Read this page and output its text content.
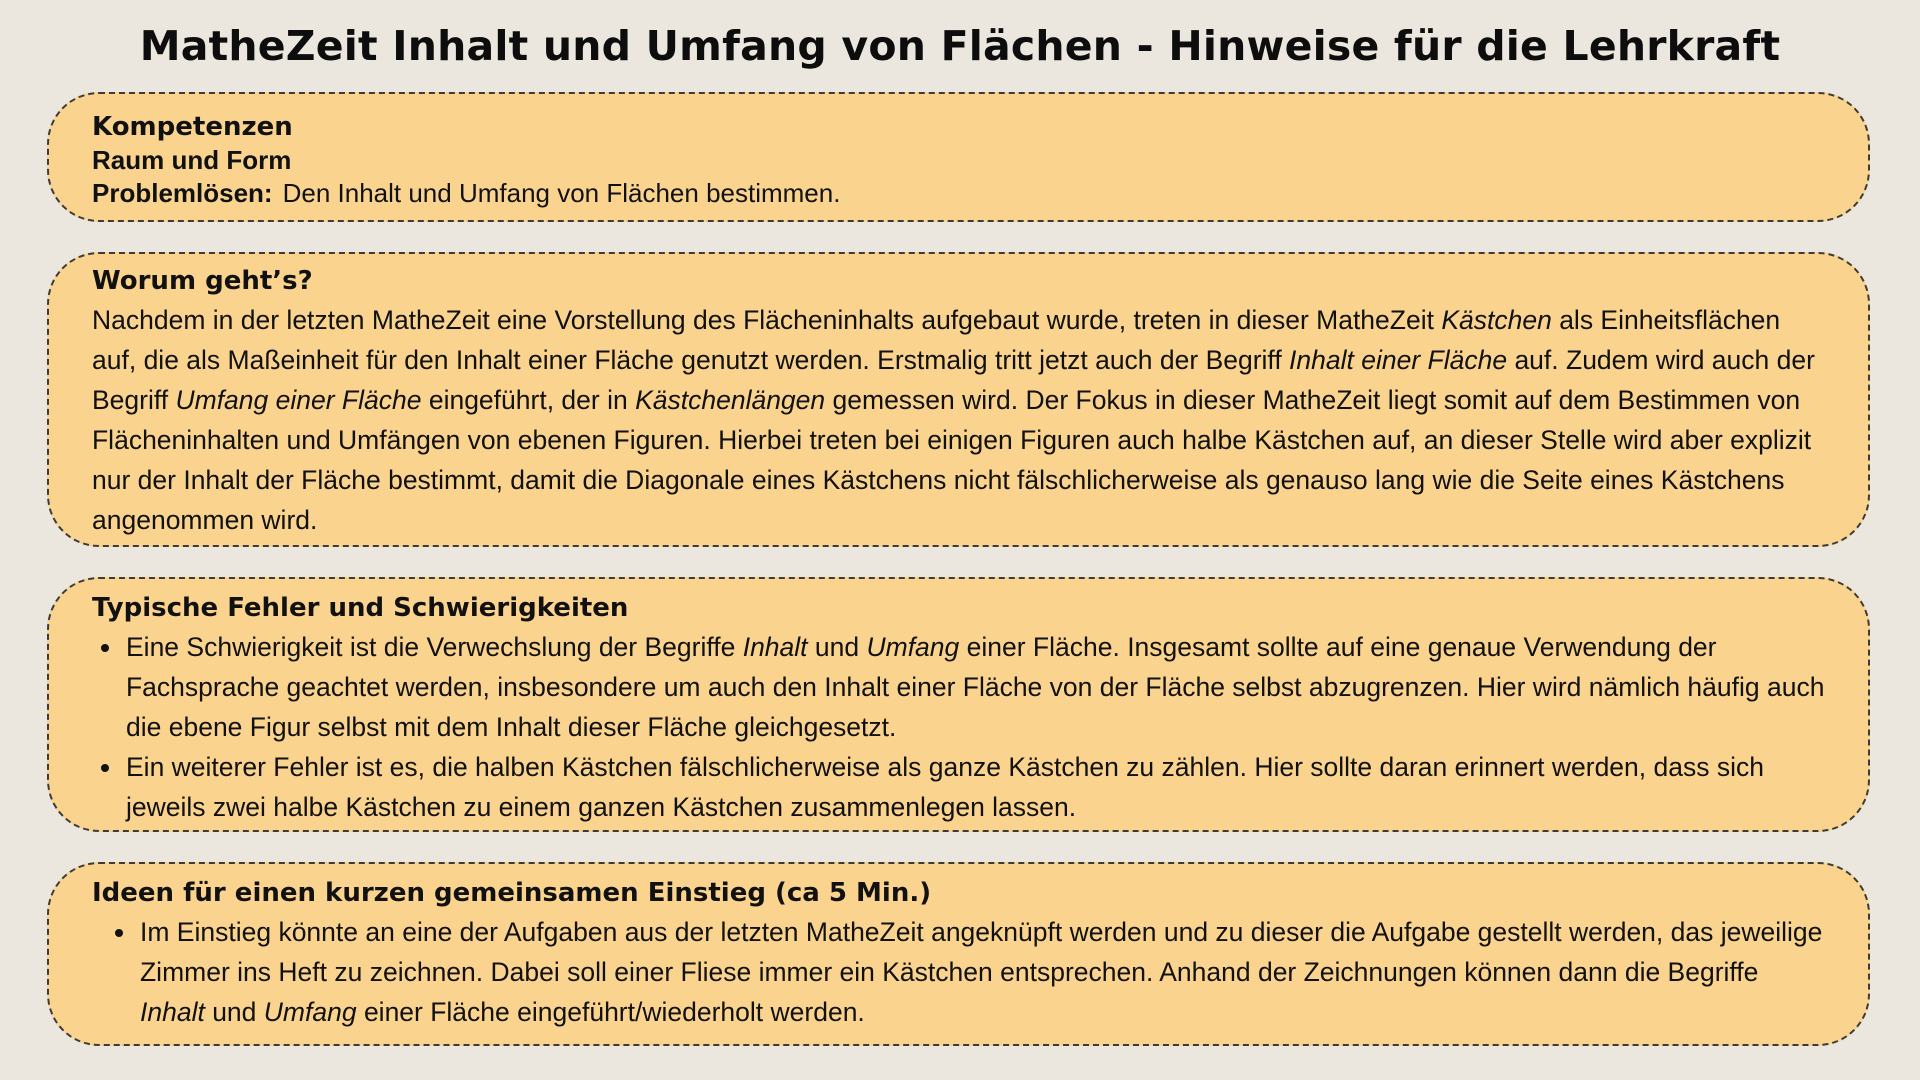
MatheZeit Inhalt und Umfang von Flächen - Hinweise für die Lehrkraft
Kompetenzen

Raum und Form

Problemlösen: Den Inhalt und Umfang von Flächen bestimmen.

Worum geht’s?

Nachdem in der letzten MatheZeit eine Vorstellung des Flächeninhalts aufgebaut wurde, treten in dieser MatheZeit Kästchen als Einheitsflächen auf, die als Maßeinheit für den Inhalt einer Fläche genutzt werden. Erstmalig tritt jetzt auch der Begriff Inhalt einer Fläche auf. Zudem wird auch der Begriff Umfang einer Fläche eingeführt, der in Kästchenlängen gemessen wird. Der Fokus in dieser MatheZeit liegt somit auf dem Bestimmen von Flächeninhalten und Umfängen von ebenen Figuren. Hierbei treten bei einigen Figuren auch halbe Kästchen auf, an dieser Stelle wird aber explizit nur der Inhalt der Fläche bestimmt, damit die Diagonale eines Kästchens nicht fälschlicherweise als genauso lang wie die Seite eines Kästchens angenommen wird.

Typische Fehler und Schwierigkeiten
• Eine Schwierigkeit ist die Verwechslung der Begriffe Inhalt und Umfang einer Fläche. Insgesamt sollte auf eine genaue Verwendung der Fachsprache geachtet werden, insbesondere um auch den Inhalt einer Fläche von der Fläche selbst abzugrenzen. Hier wird nämlich häufig auch die ebene Figur selbst mit dem Inhalt dieser Fläche gleichgesetzt.
• Ein weiterer Fehler ist es, die halben Kästchen fälschlicherweise als ganze Kästchen zu zählen. Hier sollte daran erinnert werden, dass sich jeweils zwei halbe Kästchen zu einem ganzen Kästchen zusammenlegen lassen.
Ideen für einen kurzen gemeinsamen Einstieg (ca 5 Min.)
• Im Einstieg könnte an eine der Aufgaben aus der letzten MatheZeit angeknüpft werden und zu dieser die Aufgabe gestellt werden, das jeweilige Zimmer ins Heft zu zeichnen. Dabei soll einer Fliese immer ein Kästchen entsprechen. Anhand der Zeichnungen können dann die Begriffe Inhalt und Umfang einer Fläche eingeführt/wiederholt werden.
